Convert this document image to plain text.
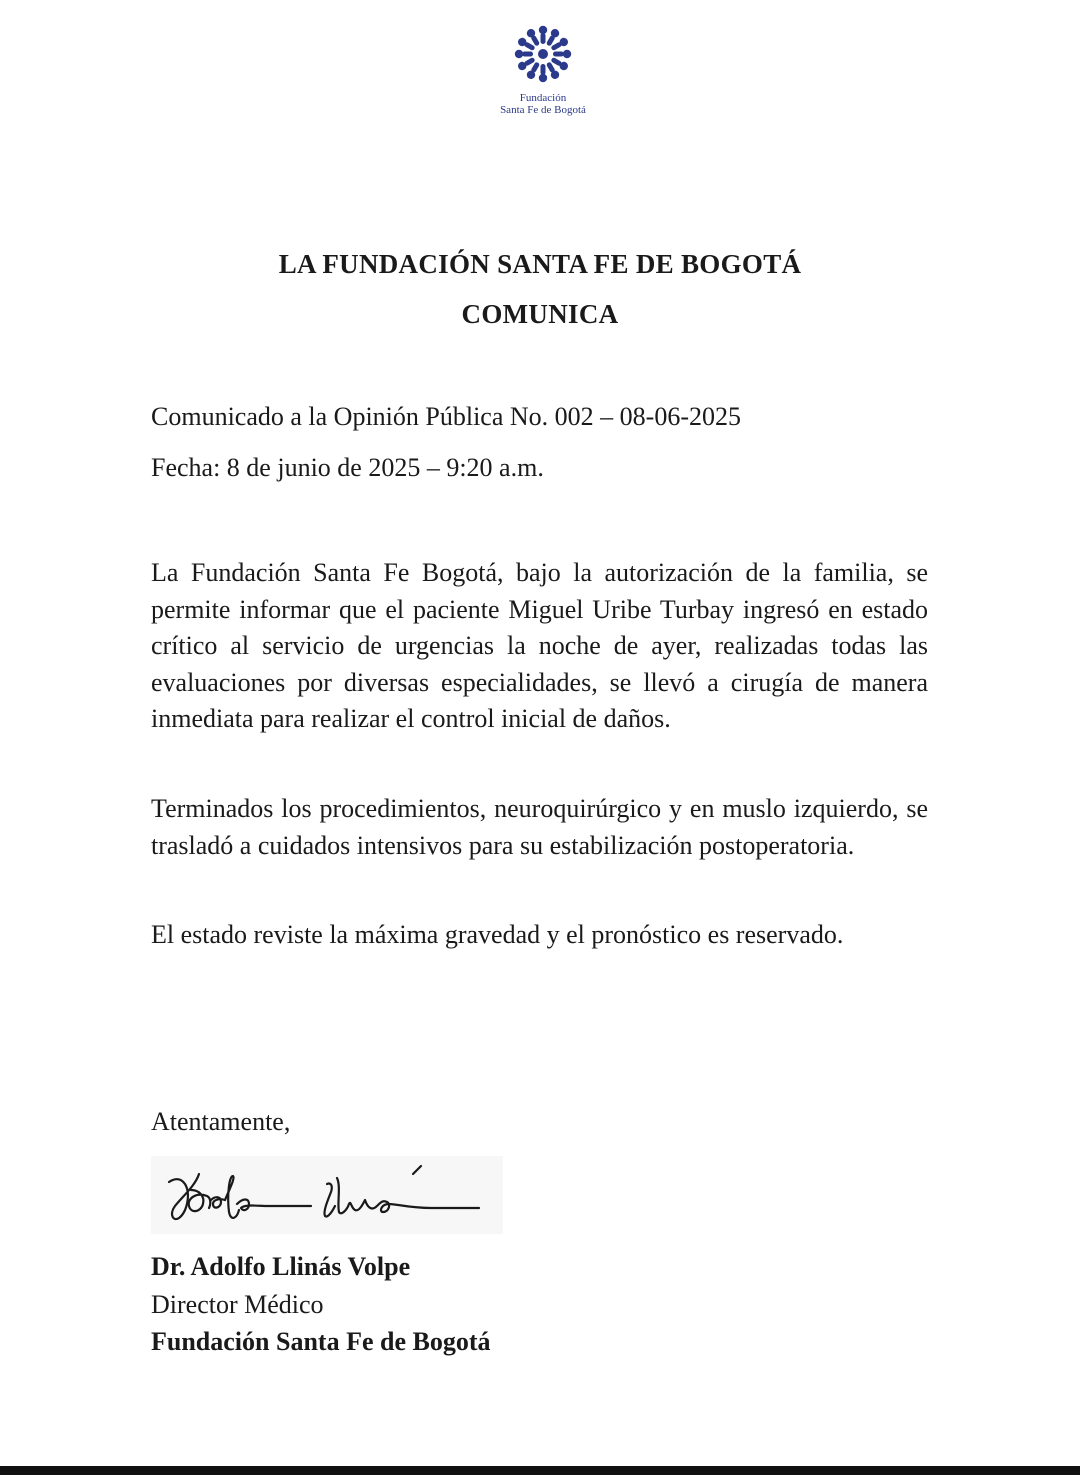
Fundación
Santa Fe de Bogotá
LA FUNDACIÓN SANTA FE DE BOGOTÁ
COMUNICA
Comunicado a la Opinión Pública No. 002 – 08-06-2025
Fecha: 8 de junio de 2025 – 9:20 a.m.
La Fundación Santa Fe Bogotá, bajo la autorización de la familia, se permite informar que el paciente Miguel Uribe Turbay ingresó en estado crítico al servicio de urgencias la noche de ayer, realizadas todas las evaluaciones por diversas especialidades, se llevó a cirugía de manera inmediata para realizar el control inicial de daños.
Terminados los procedimientos, neuroquirúrgico y en muslo izquierdo, se trasladó a cuidados intensivos para su estabilización postoperatoria.
El estado reviste la máxima gravedad y el pronóstico es reservado.
Atentamente,
Dr. Adolfo Llinás Volpe
Director Médico
Fundación Santa Fe de Bogotá
